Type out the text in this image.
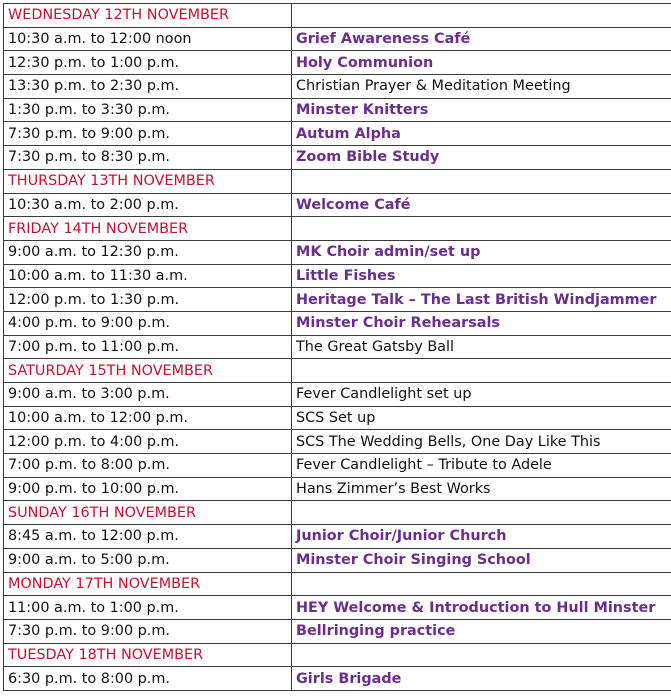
WEDNESDAY 12TH NOVEMBER	
10:30 a.m. to 12:00 noon	Grief Awareness Café
12:30 p.m. to 1:00 p.m.	Holy Communion
13:30 p.m. to 2:30 p.m.	Christian Prayer & Meditation Meeting
1:30 p.m. to 3:30 p.m.	Minster Knitters
7:30 p.m. to 9:00 p.m.	Autum Alpha
7:30 p.m. to 8:30 p.m.	Zoom Bible Study
THURSDAY 13TH NOVEMBER	
10:30 a.m. to 2:00 p.m.	Welcome Café
FRIDAY 14TH NOVEMBER	
9:00 a.m. to 12:30 p.m.	MK Choir admin/set up
10:00 a.m. to 11:30 a.m.	Little Fishes
12:00 p.m. to 1:30 p.m.	Heritage Talk – The Last British Windjammer
4:00 p.m. to 9:00 p.m.	Minster Choir Rehearsals
7:00 p.m. to 11:00 p.m.	The Great Gatsby Ball
SATURDAY 15TH NOVEMBER	
9:00 a.m. to 3:00 p.m.	Fever Candlelight set up
10:00 a.m. to 12:00 p.m.	SCS Set up
12:00 p.m. to 4:00 p.m.	SCS The Wedding Bells, One Day Like This
7:00 p.m. to 8:00 p.m.	Fever Candlelight – Tribute to Adele
9:00 p.m. to 10:00 p.m.	Hans Zimmer’s Best Works
SUNDAY 16TH NOVEMBER	
8:45 a.m. to 12:00 p.m.	Junior Choir/Junior Church
9:00 a.m. to 5:00 p.m.	Minster Choir Singing School
MONDAY 17TH NOVEMBER	
11:00 a.m. to 1:00 p.m.	HEY Welcome & Introduction to Hull Minster
7:30 p.m. to 9:00 p.m.	Bellringing practice
TUESDAY 18TH NOVEMBER	
6:30 p.m. to 8:00 p.m.	Girls Brigade
